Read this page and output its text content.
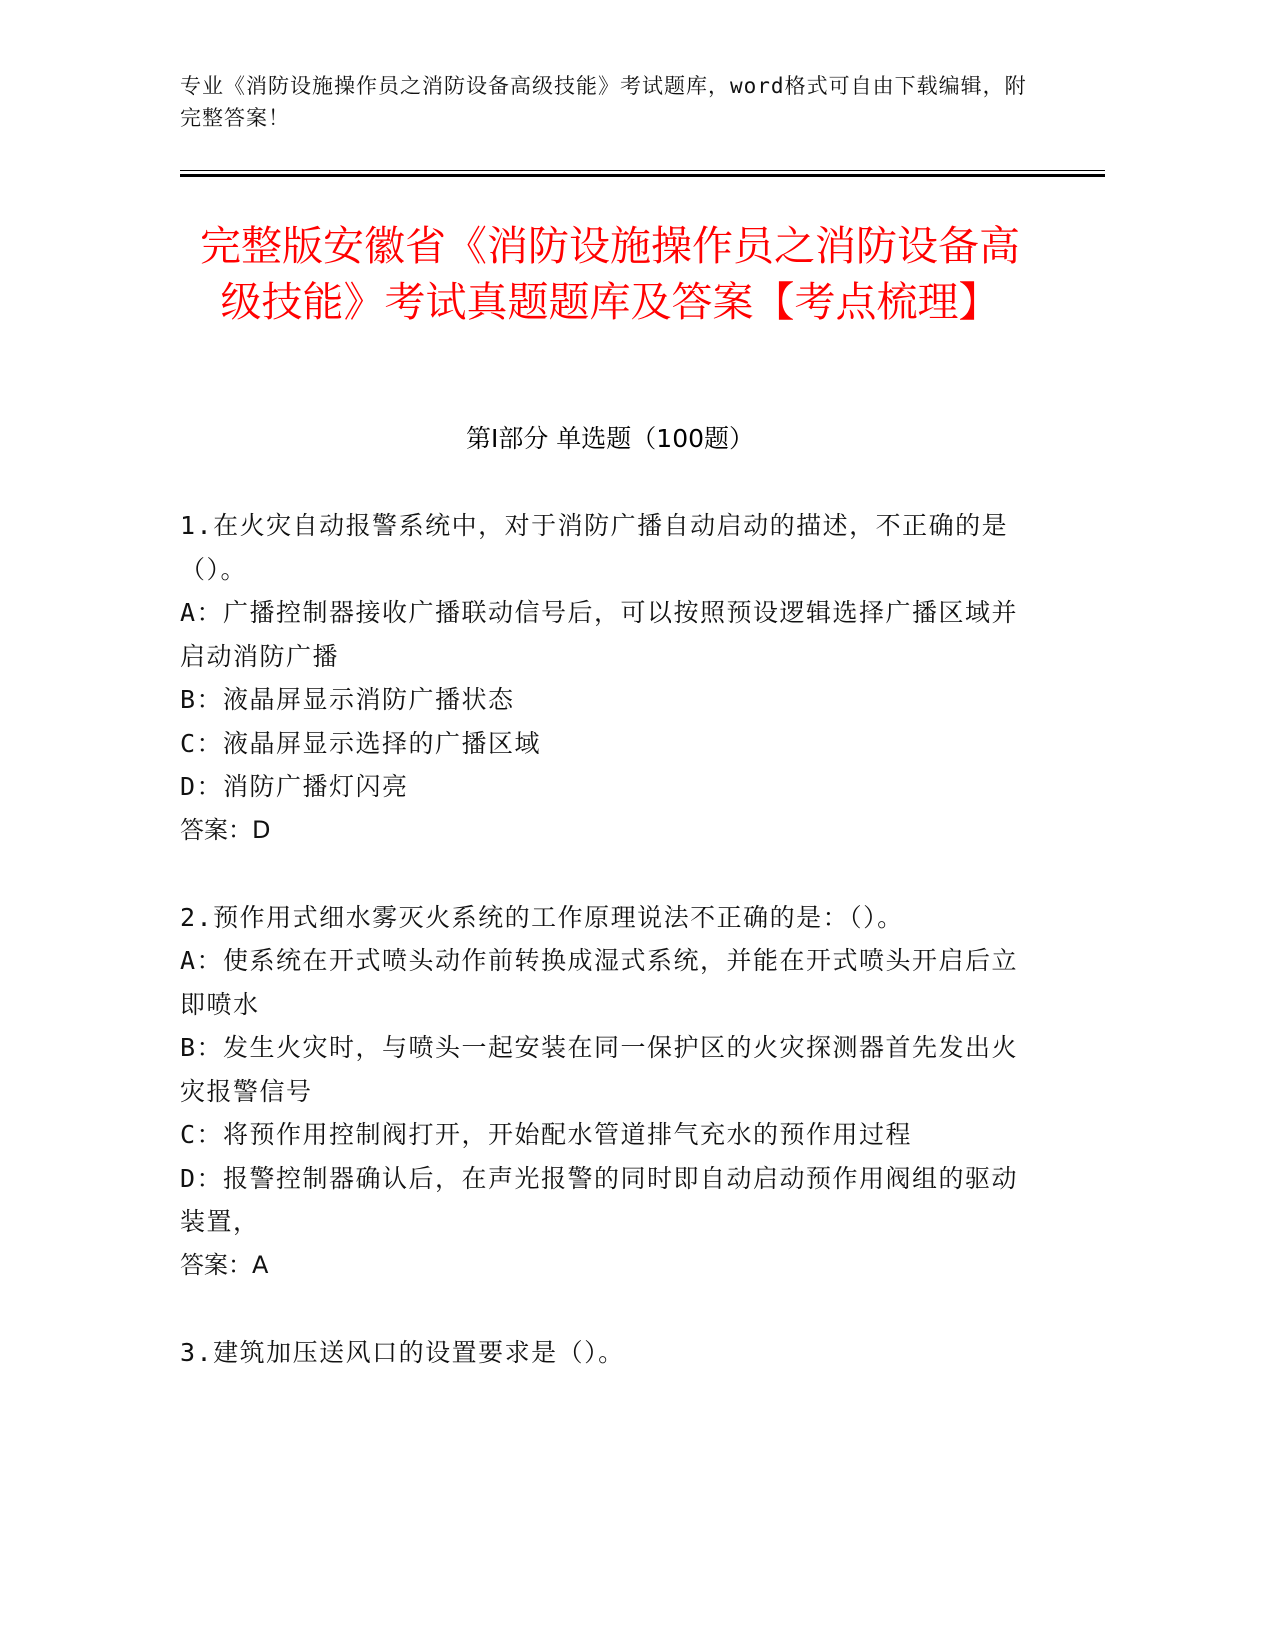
专业《消防设施操作员之消防设备高级技能》考试题库，word格式可自由下载编辑，附完整答案！
完整版安徽省《消防设施操作员之消防设备高级技能》考试真题题库及答案【考点梳理】
第I部分 单选题（100题）
1.在火灾自动报警系统中，对于消防广播自动启动的描述，不正确的是（）。
A：广播控制器接收广播联动信号后，可以按照预设逻辑选择广播区域并启动消防广播
B：液晶屏显示消防广播状态
C：液晶屏显示选择的广播区域
D：消防广播灯闪亮
答案：D
2.预作用式细水雾灭火系统的工作原理说法不正确的是：（）。
A：使系统在开式喷头动作前转换成湿式系统，并能在开式喷头开启后立即喷水
B：发生火灾时，与喷头一起安装在同一保护区的火灾探测器首先发出火灾报警信号
C：将预作用控制阀打开，开始配水管道排气充水的预作用过程
D：报警控制器确认后，在声光报警的同时即自动启动预作用阀组的驱动装置，
答案：A
3.建筑加压送风口的设置要求是（）。
